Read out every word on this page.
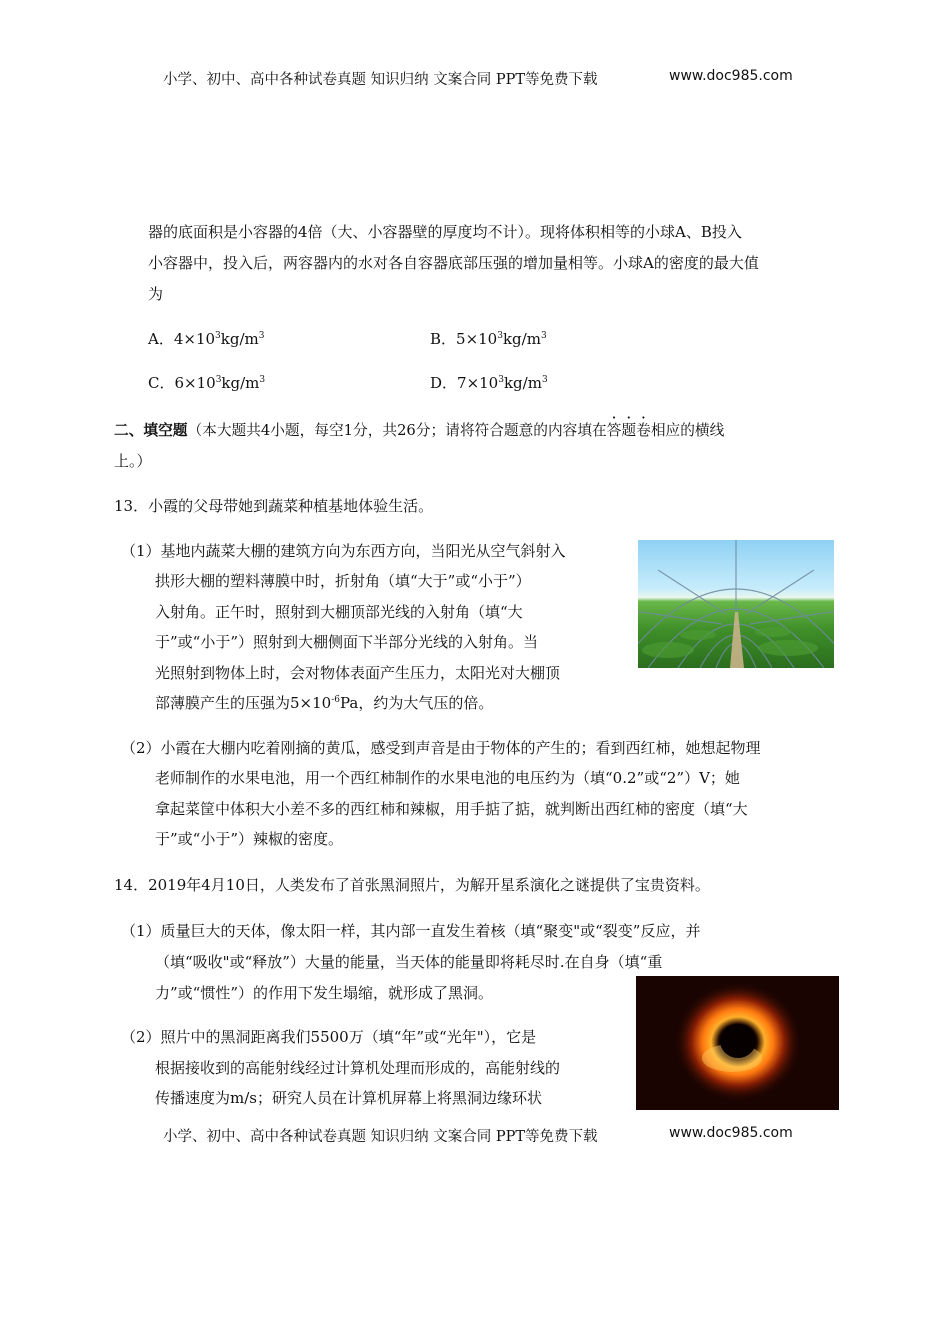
小学、初中、高中各种试卷真题 知识归纳 文案合同 PPT等免费下载	www.doc985.com
器的底面积是小容器的4倍（大、小容器壁的厚度均不计）。现将体积相等的小球A、B投入
小容器中，投入后，两容器内的水对各自容器底部压强的增加量相等。小球A的密度的最大值
为
A．$4\times 10^3kg/m^3$	B．$5\times 10^3kg/m^3$
C．$6\times 10^3kg/m^3$	D．$7\times 10^3kg/m^3$
二、填空题（本大题共4小题，每空1分，共26分；请将符合题意的内容填在答题卷相应的横线
上。）
13．小霞的父母带她到蔬菜种植基地体验生活。
（1）基地内蔬菜大棚的建筑方向为东西方向，当阳光从空气斜射入
拱形大棚的塑料薄膜中时，折射角（填“大于”或“小于”）
入射角。正午时，照射到大棚顶部光线的入射角（填“大
于”或“小于”）照射到大棚侧面下半部分光线的入射角。当
光照射到物体上时，会对物体表面产生压力，太阳光对大棚顶
部薄膜产生的压强为$5\times 10^{-6}Pa$，约为大气压的倍。
（2）小霞在大棚内吃着刚摘的黄瓜，感受到声音是由于物体的产生的；看到西红柿，她想起物理
老师制作的水果电池，用一个西红柿制作的水果电池的电压约为（填“0.2”或“2”）V；她
拿起菜筐中体积大小差不多的西红柿和辣椒，用手掂了掂，就判断出西红柿的密度（填“大
于”或“小于”）辣椒的密度。
14．2019年4月10日，人类发布了首张黑洞照片，为解开星系演化之谜提供了宝贵资料。
（1）质量巨大的天体，像太阳一样，其内部一直发生着核（填“聚变"或“裂变”反应，并
（填“吸收"或“释放”）大量的能量，当天体的能量即将耗尽时.在自身（填“重
力”或“惯性”）的作用下发生塌缩，就形成了黑洞。
（2）照片中的黑洞距离我们5500万（填“年”或“光年"），它是
根据接收到的高能射线经过计算机处理而形成的，高能射线的
传播速度为m/s；研究人员在计算机屏幕上将黑洞边缘环状
小学、初中、高中各种试卷真题 知识归纳 文案合同 PPT等免费下载	www.doc985.com
